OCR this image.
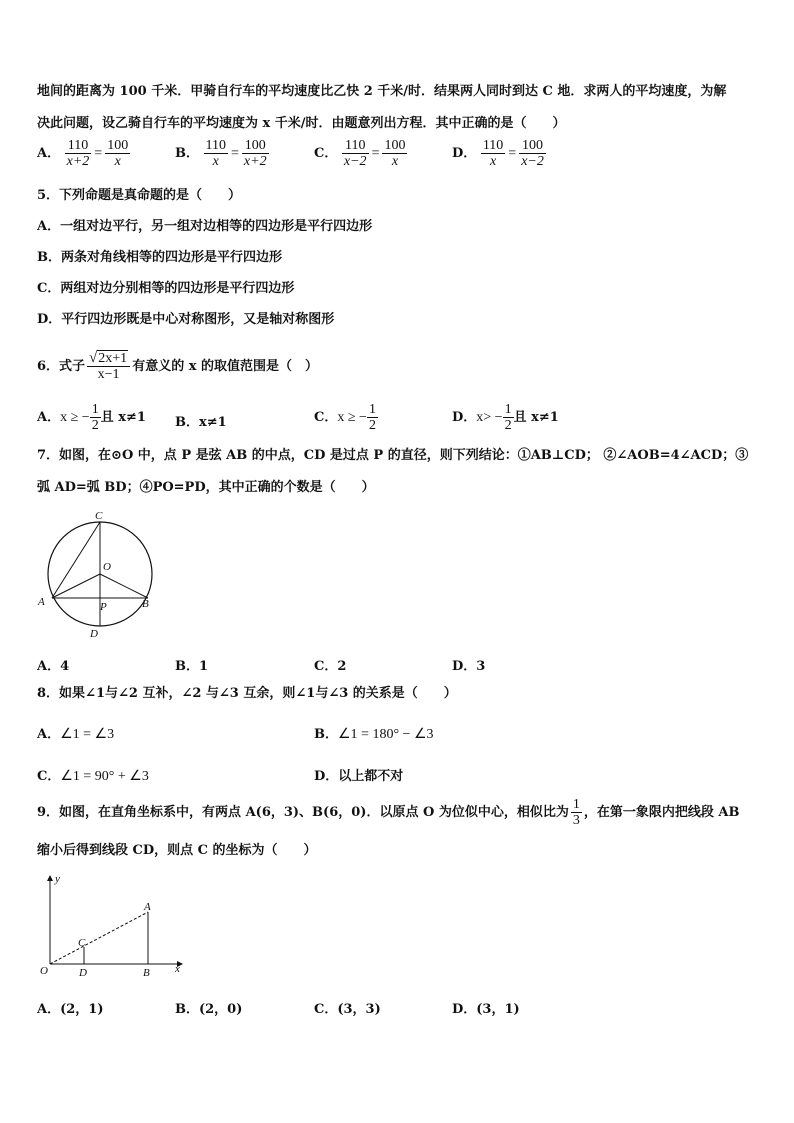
地间的距离为 100 千米．甲骑自行车的平均速度比乙快 2 千米/时．结果两人同时到达 C 地．求两人的平均速度，为解
决此问题，设乙骑自行车的平均速度为 x 千米/时．由题意列出方程．其中正确的是（　　）
A． $\frac{110}{x+2} = \frac{100}{x}$	B． $\frac{110}{x} = \frac{100}{x+2}$	C． $\frac{110}{x-2} = \frac{100}{x}$	D． $\frac{110}{x} = \frac{100}{x-2}$
5．下列命题是真命题的是（　　）
A．一组对边平行，另一组对边相等的四边形是平行四边形
B．两条对角线相等的四边形是平行四边形
C．两组对边分别相等的四边形是平行四边形
D．平行四边形既是中心对称图形，又是轴对称图形
6．式子 $\frac{√2x+1}{x-1}$ 有意义的 x 的取值范围是（　）
A．x ≥ − $\frac{1}{2}$ 且 x≠1 B．x≠1	C．x ≥ − $\frac{1}{2}$	D．$x> - \frac{1}{2}$ 且 x≠1
7．如图，在⊙O 中，点 P 是弦 AB 的中点，CD 是过点 P 的直径，则下列结论：①AB⊥CD； ②∠AOB=4∠ACD；③
弧 AD=弧 BD；④PO=PD，其中正确的个数是（　　）
C
O
A	B
P
D
A．4	B．1	C．2	D．3
8．如果∠1与∠2 互补，∠2 与∠3 互余，则∠1与∠3 的关系是（　　）
A．∠1 = ∠3	B．∠1 = 180° − ∠3
C．∠1 = 90° + ∠3	D．以上都不对
9．如图，在直角坐标系中，有两点 A(6，3)、B(6，0)．以原点 O 为位似中心，相似比为 $\frac{1}{3}$ ，在第一象限内把线段 AB
缩小后得到线段 CD，则点 C 的坐标为（　　）
y
x
O
A
B
C
D
A．(2，1)	B．(2，0)	C．(3，3)	D．(3，1)
